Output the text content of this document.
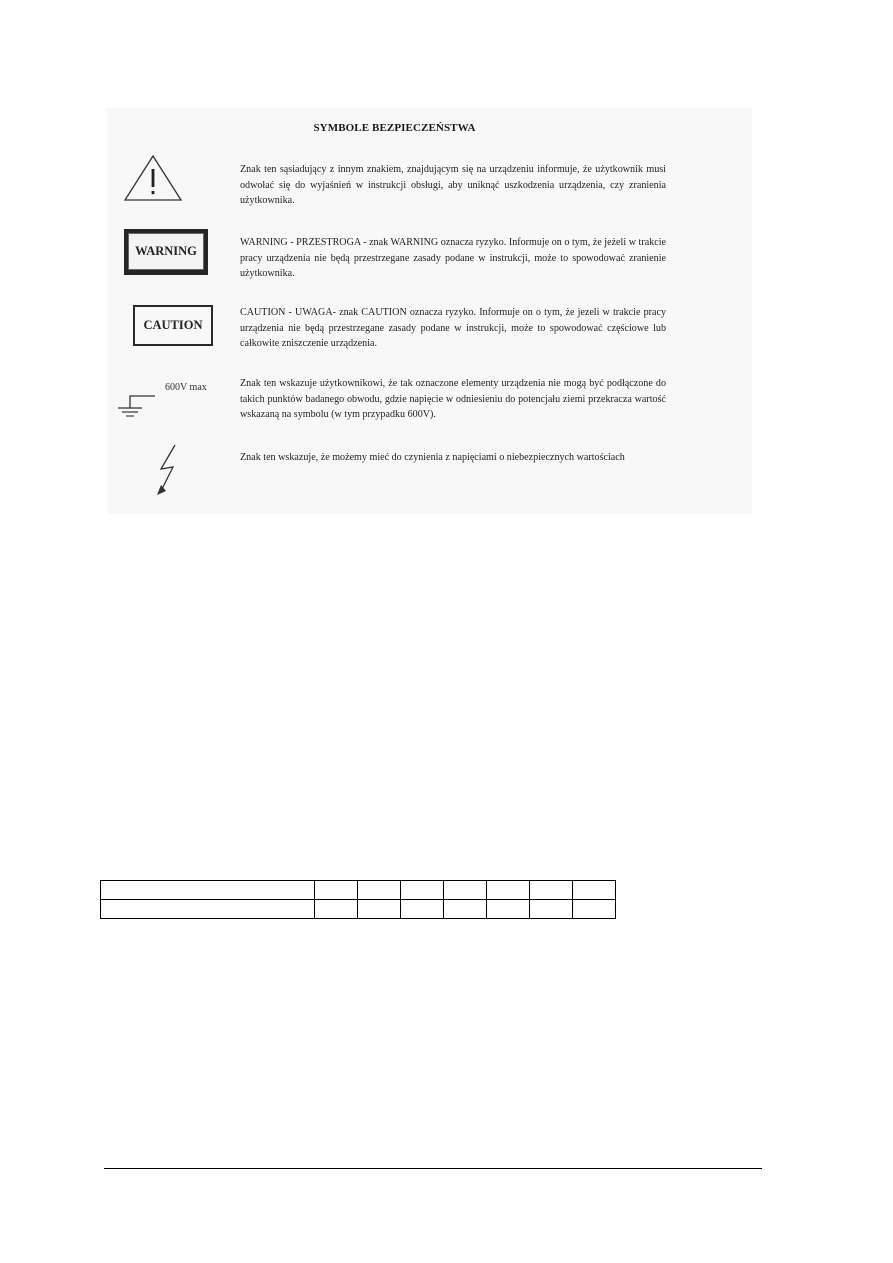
SYMBOLE BEZPIECZEŃSTWA
Znak ten sąsiadujący z innym znakiem, znajdującym się na urządzeniu informuje, że użytkownik musi odwołać się do wyjaśnień w instrukcji obsługi, aby uniknąć uszkodzenia urządzenia, czy zranienia użytkownika.
WARNING
WARNING - PRZESTROGA - znak WARNING oznacza ryzyko. Informuje on o tym, że jeżeli w trakcie pracy urządzenia nie będą przestrzegane zasady podane w instrukcji, może to spowodować zranienie użytkownika.
CAUTION
CAUTION - UWAGA- znak CAUTION oznacza ryzyko. Informuje on o tym, że jezeli w trakcie pracy urządzenia nie będą przestrzegane zasady podane w instrukcji, może to spowodować częściowe lub całkowite zniszczenie urządzenia.
600V max	Znak ten wskazuje użytkownikowi, że tak oznaczone elementy urządzenia nie mogą być podłączone do takich punktów badanego obwodu, gdzie napięcie w odniesieniu do potencjału ziemi przekracza wartość wskazaną na symbolu (w tym przypadku 600V).
Znak ten wskazuje, że możemy mieć do czynienia z napięciami o niebezpiecznych wartościach
